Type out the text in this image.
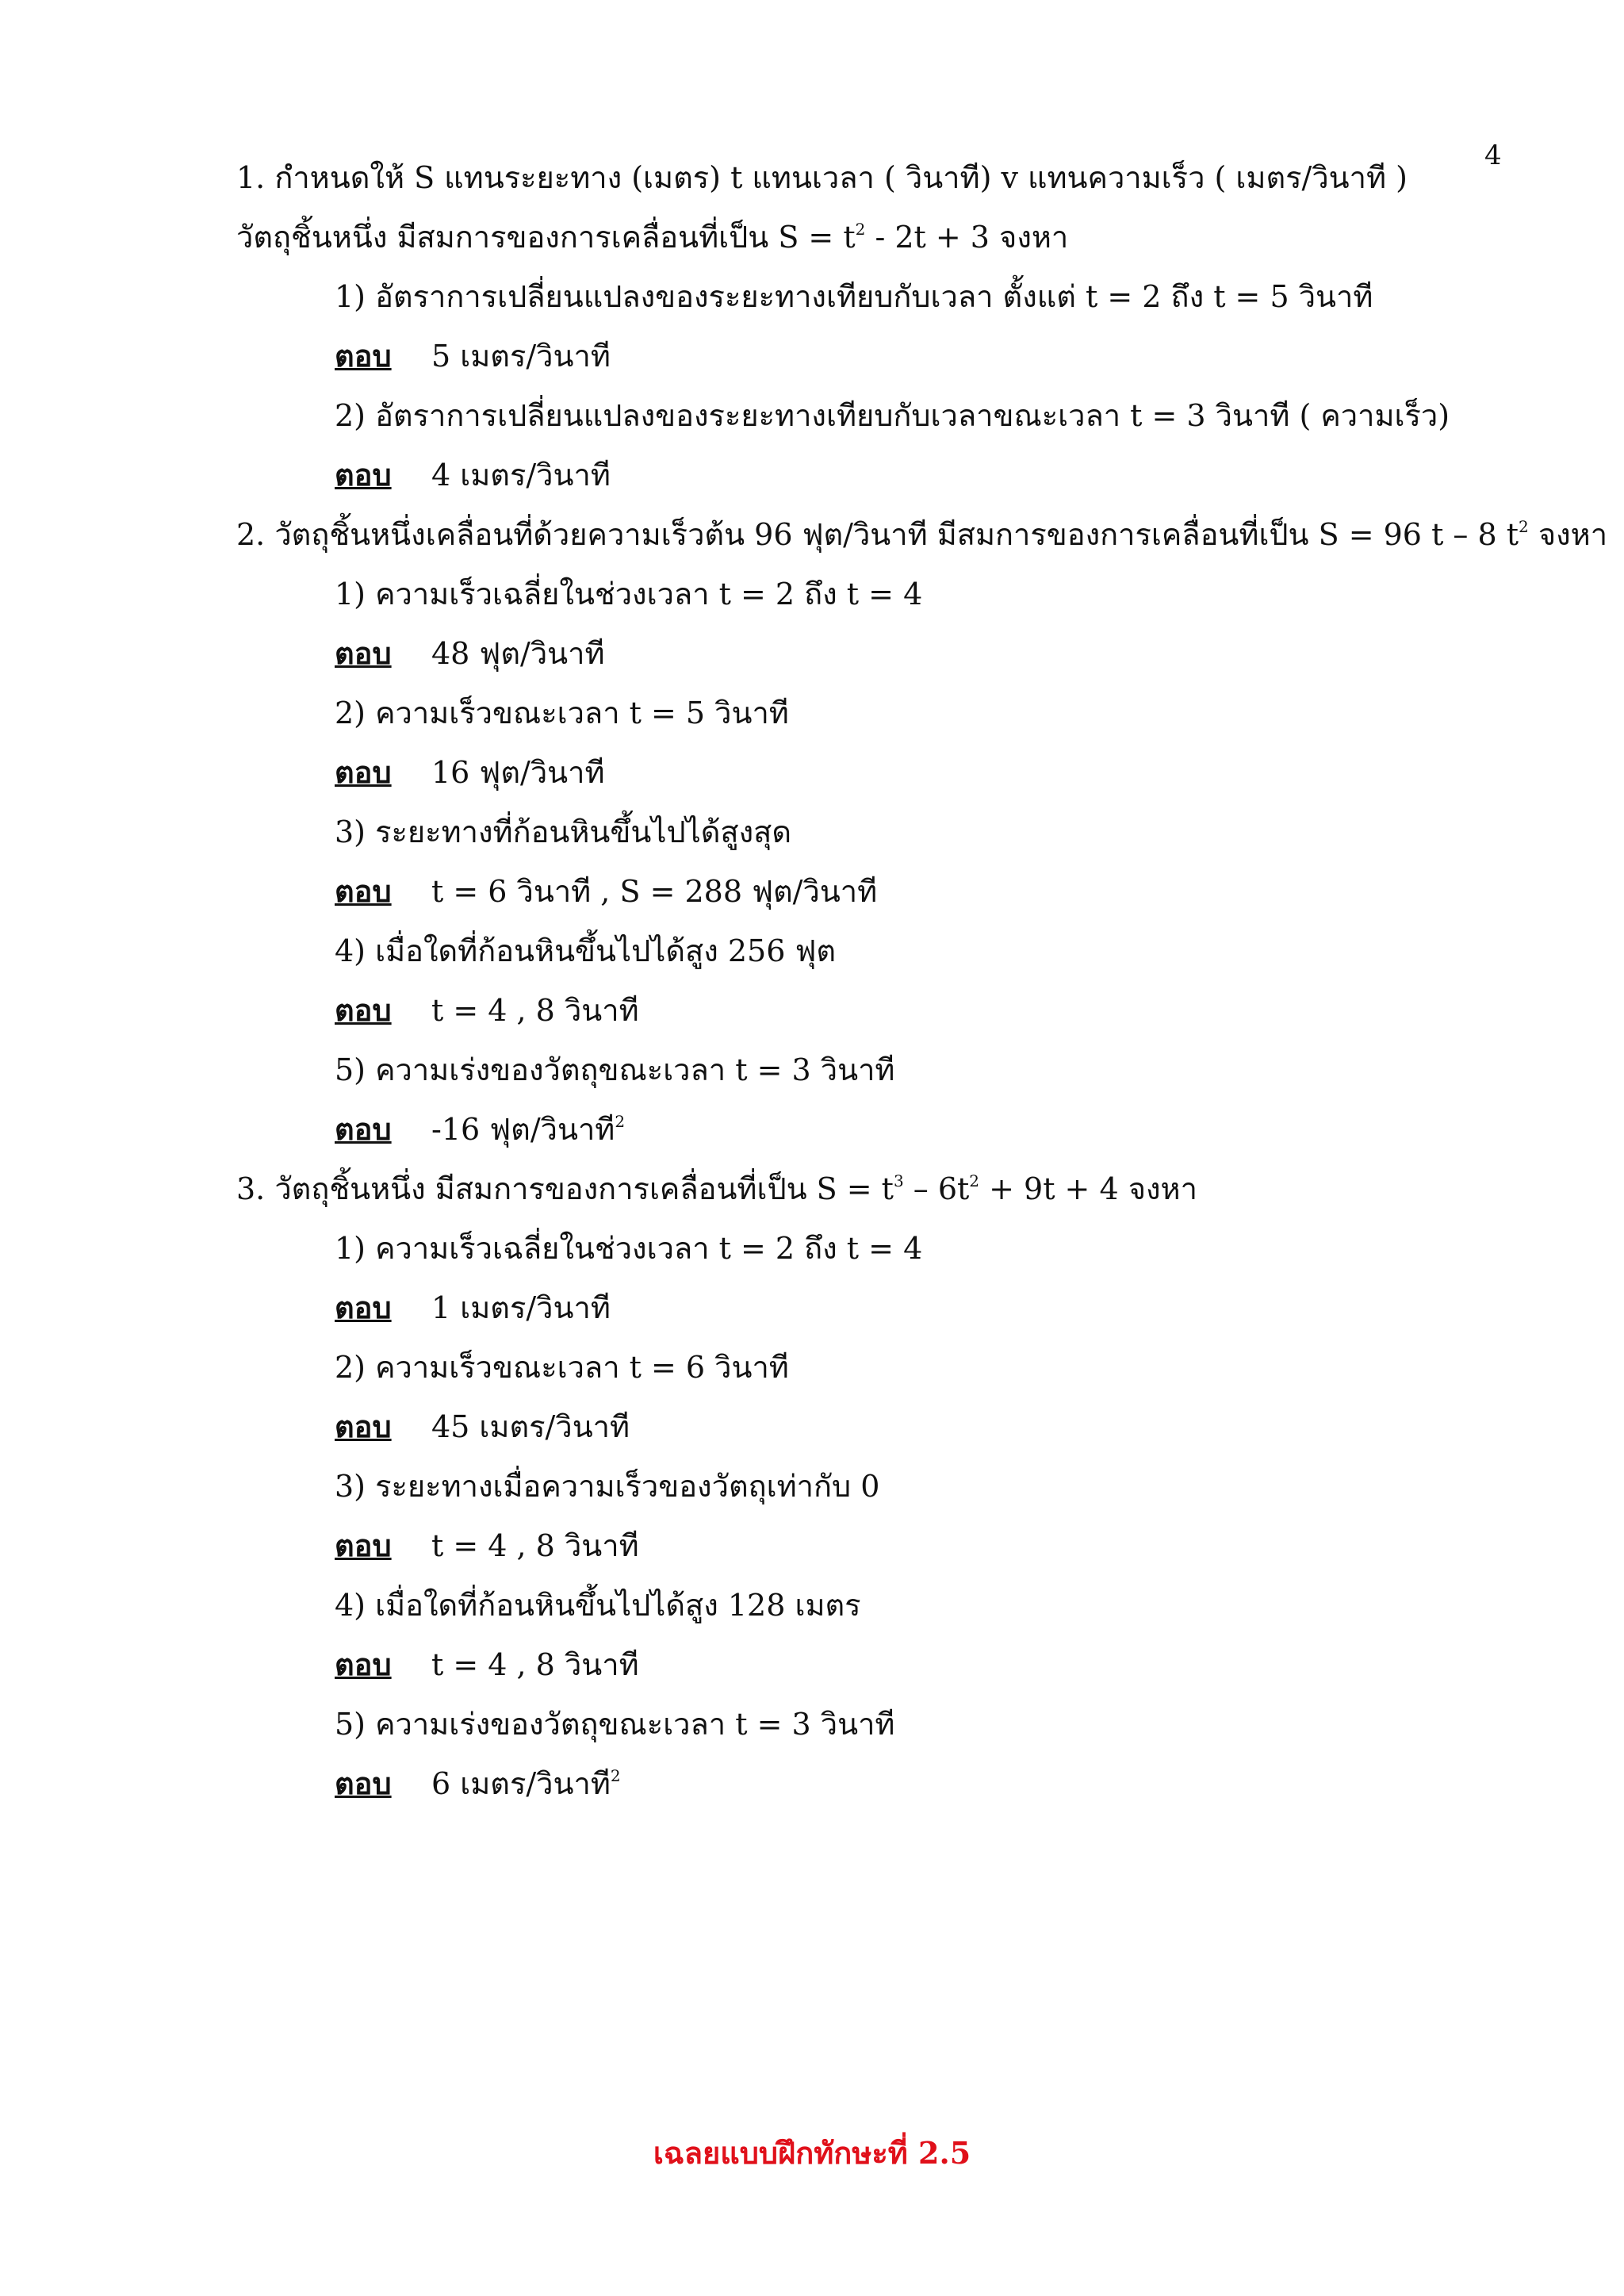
4
1. กำหนดให้ S แทนระยะทาง (เมตร) t แทนเวลา ( วินาที) v แทนความเร็ว ( เมตร/วินาที )
วัตถุชิ้นหนึ่ง มีสมการของการเคลื่อนที่เป็น $S = t^2 - 2t + 3$ จงหา
1) อัตราการเปลี่ยนแปลงของระยะทางเทียบกับเวลา ตั้งแต่ t = 2 ถึง t = 5 วินาที
ตอบ 5 เมตร/วินาที
2) อัตราการเปลี่ยนแปลงของระยะทางเทียบกับเวลาขณะเวลา t = 3 วินาที ( ความเร็ว)
ตอบ 4 เมตร/วินาที
2. วัตถุชิ้นหนึ่งเคลื่อนที่ด้วยความเร็วต้น 96 ฟุต/วินาที มีสมการของการเคลื่อนที่เป็น S = 96 t – 8 $t^2$ จงหา
1) ความเร็วเฉลี่ยในช่วงเวลา t = 2 ถึง t = 4
ตอบ 48 ฟุต/วินาที
2) ความเร็วขณะเวลา t = 5 วินาที
ตอบ 16 ฟุต/วินาที
3) ระยะทางที่ก้อนหินขึ้นไปได้สูงสุด
ตอบ t = 6 วินาที , S = 288 ฟุต/วินาที
4) เมื่อใดที่ก้อนหินขึ้นไปได้สูง 256 ฟุต
ตอบ t = 4 , 8 วินาที
5) ความเร่งของวัตถุขณะเวลา t = 3 วินาที
ตอบ -16 ฟุต/วินาที$^2$
3. วัตถุชิ้นหนึ่ง มีสมการของการเคลื่อนที่เป็น $S = t^3 - 6t^2 + 9t + 4$ จงหา
1) ความเร็วเฉลี่ยในช่วงเวลา t = 2 ถึง t = 4
ตอบ 1 เมตร/วินาที
2) ความเร็วขณะเวลา t = 6 วินาที
ตอบ 45 เมตร/วินาที
3) ระยะทางเมื่อความเร็วของวัตถุเท่ากับ 0
ตอบ t = 4 , 8 วินาที
4) เมื่อใดที่ก้อนหินขึ้นไปได้สูง 128 เมตร
ตอบ t = 4 , 8 วินาที
5) ความเร่งของวัตถุขณะเวลา t = 3 วินาที
ตอบ 6 เมตร/วินาที$^2$
เฉลยแบบฝึกทักษะที่ 2.5
